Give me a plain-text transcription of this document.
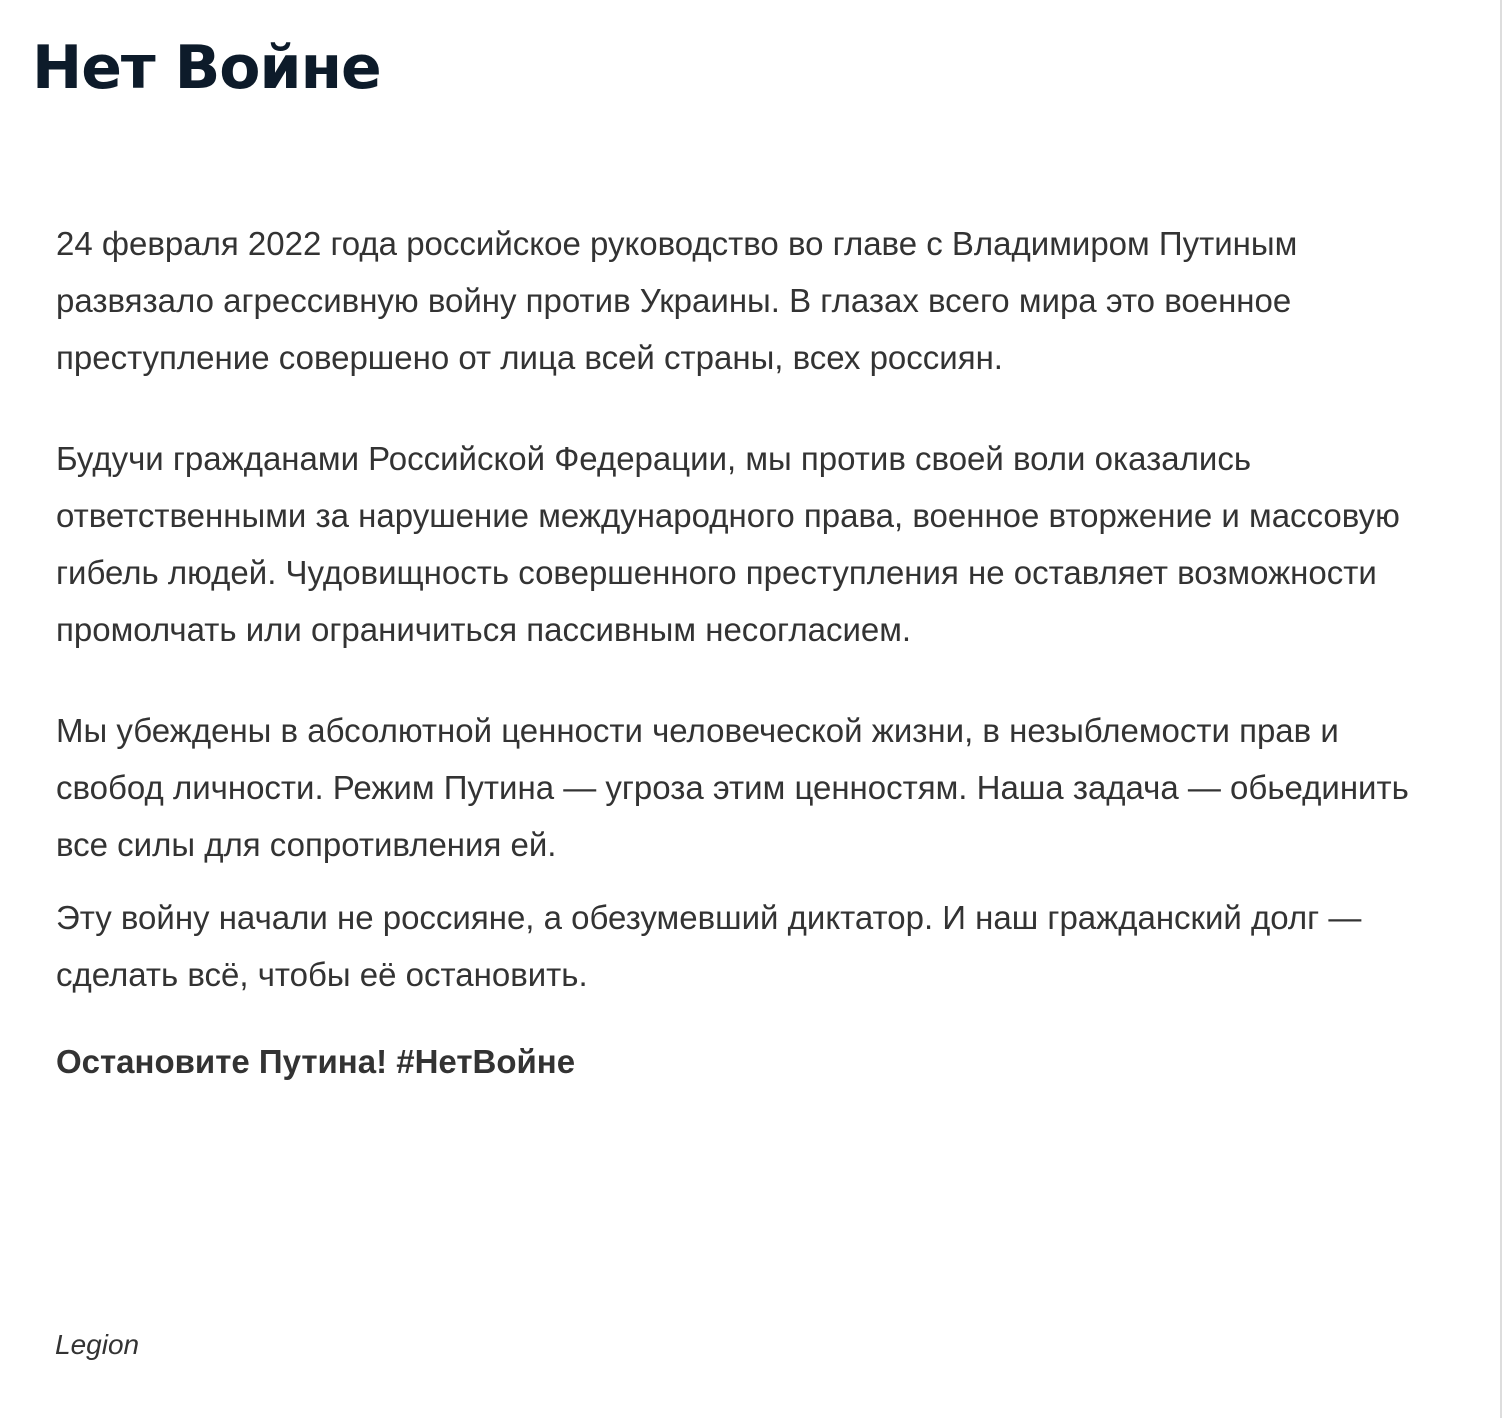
Нет Войне

24 февраля 2022 года российское руководство во главе с Владимиром Путиным развязало агрессивную войну против Украины. В глазах всего мира это военное преступление совершено от лица всей страны, всех россиян.

Будучи гражданами Российской Федерации, мы против своей воли оказались ответственными за нарушение международного права, военное вторжение и массовую гибель людей. Чудовищность совершенного преступления не оставляет возможности промолчать или ограничиться пассивным несогласием.

Мы убеждены в абсолютной ценности человеческой жизни, в незыблемости прав и свобод личности. Режим Путина — угроза этим ценностям. Наша задача — обьединить все силы для сопротивления ей.

Эту войну начали не россияне, а обезумевший диктатор. И наш гражданский долг — сделать всё, чтобы её остановить.

Остановите Путина! #НетВойне

Legion
